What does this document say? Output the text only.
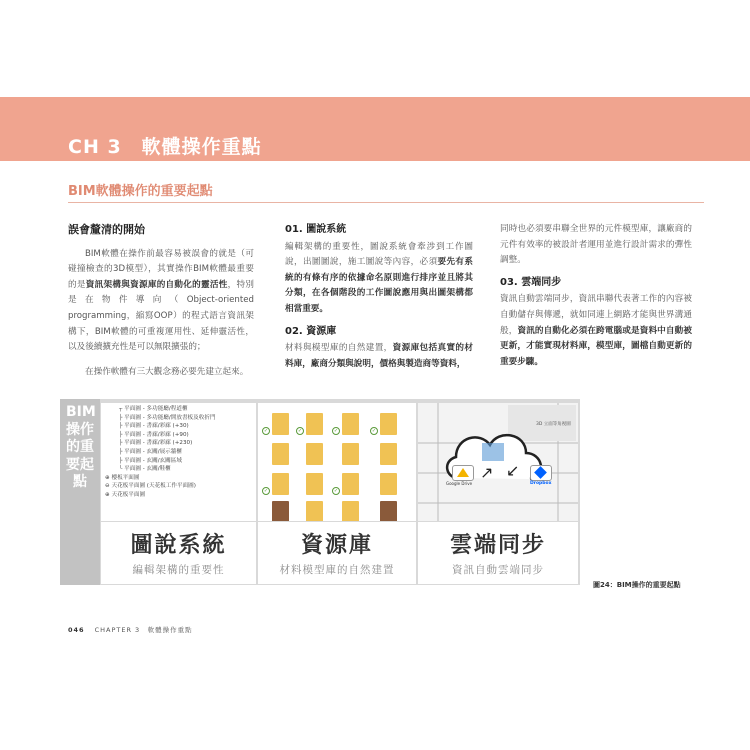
CH 3　軟體操作重點
BIM軟體操作的重要起點

誤會釐清的開始

BIM軟體在操作前最容易被誤會的就是（可碰撞檢查的3D模型），其實操作BIM軟體最重要的是資訊架構與資源庫的自動化的靈活性，特別是在物件導向（Object-oriented programming，縮寫OOP）的程式語言資訊架構下，BIM軟體的可重複運用性、延伸靈活性，以及後續擴充性是可以無限擴張的；

在操作軟體有三大觀念務必要先建立起來。

01. 圖說系統

編輯架構的重要性，圖說系統會牽涉到工作圖說，出圖圖說，施工圖說等內容，必須要先有系統的有條有序的依據命名原則進行排序並且將其分類，在各個階段的工作圖說應用與出圖架構都相當重要。

02. 資源庫

材料與模型庫的自然建置，資源庫包括真實的材料庫，廠商分類與說明，價格與製造商等資料，

同時也必須要串聯全世界的元件模型庫，讓廠商的元件有效率的被設計者運用並進行設計需求的彈性調整。

03. 雲端同步

資訊自動雲端同步，資訊串聯代表著工作的內容被自動儲存與傳遞，就如同連上網路才能與世界溝通般，資訊的自動化必須在跨電腦或是資料中自動被更新，才能實現材料庫，模型庫，圖檔自動更新的重要步驟。

BIM操作的重要起點
┬ 平面圖 - 多功能廳/程道櫃
├ 平面圖 - 多功能廳/開放書板及收折門
├ 平面圖 - 書廊/彩廊 (+30)
├ 平面圖 - 書廊/彩廊 (+90)
├ 平面圖 - 書廊/彩廊 (+230)
├ 平面圖 - 玄關/展示牆櫃
├ 平面圖 - 玄關/玄關區域
└ 平面圖 - 玄關/鞋櫃
⊕ 樓板平面圖
⊖ 天花板平面圖 (天花板工作平面圖)
⊕ 天花板平面圖
✓	✓	✓	✓
✓	✓
3D 立面等角視圖
Google Drive	Dropbox
↗ ↙
圖說系統	資源庫	雲端同步
編輯架構的重要性	材料模型庫的自然建置	資訊自動雲端同步
圖24：BIM操作的重要起點
046 CHAPTER 3　軟體操作重點
